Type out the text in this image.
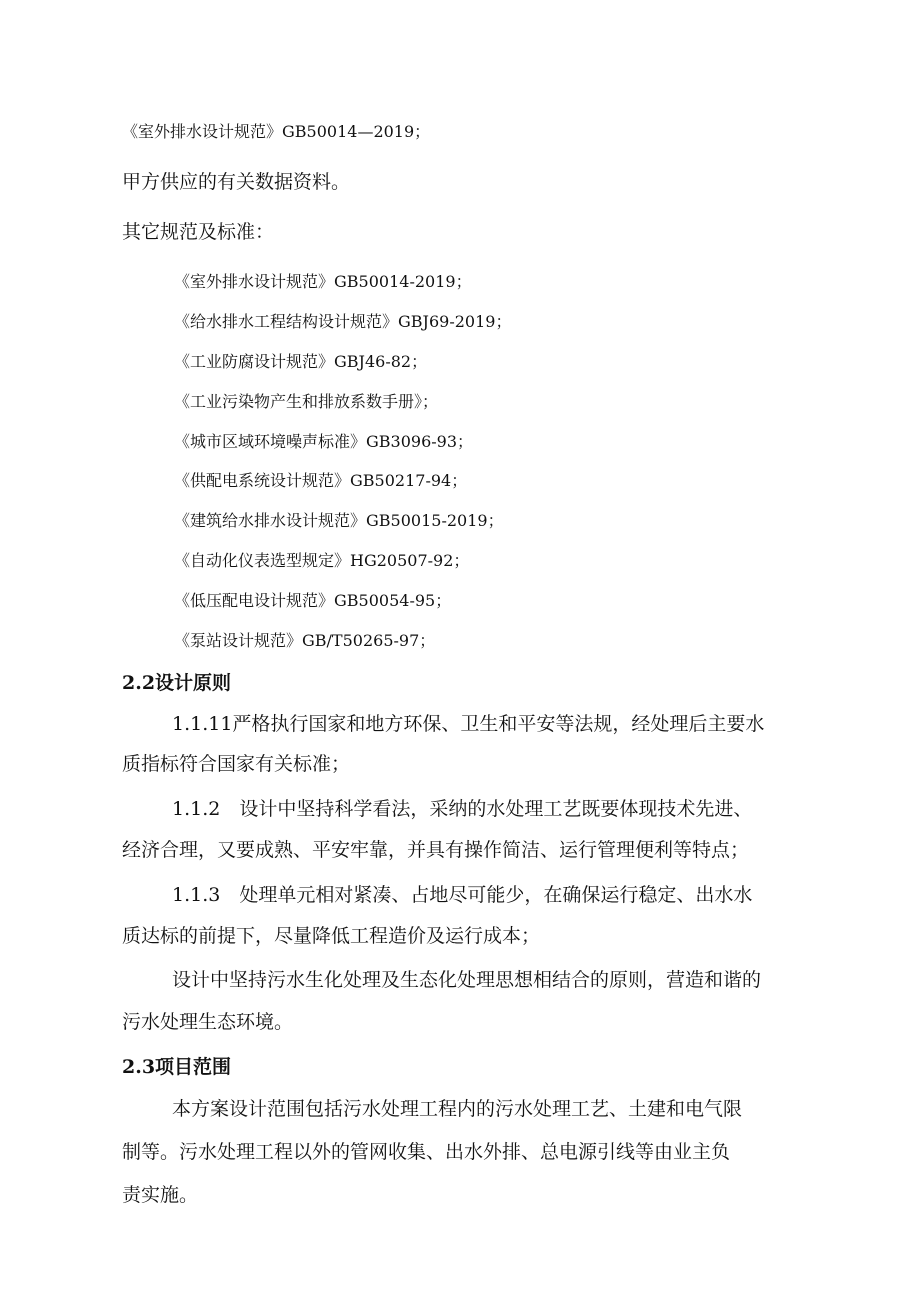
《室外排水设计规范》GB50014—2019；
甲方供应的有关数据资料。
其它规范及标准：
《室外排水设计规范》GB50014-2019；
《给水排水工程结构设计规范》GBJ69-2019；
《工业防腐设计规范》GBJ46-82；
《工业污染物产生和排放系数手册》；
《城市区域环境噪声标准》GB3096-93；
《供配电系统设计规范》GB50217-94；
《建筑给水排水设计规范》GB50015-2019；
《自动化仪表选型规定》HG20507-92；
《低压配电设计规范》GB50054-95；
《泵站设计规范》GB/T50265-97；
2.2设计原则
1.1.11严格执行国家和地方环保、卫生和平安等法规，经处理后主要水
质指标符合国家有关标准；
1.1.2　设计中坚持科学看法，采纳的水处理工艺既要体现技术先进、
经济合理，又要成熟、平安牢靠，并具有操作简洁、运行管理便利等特点；
1.1.3　处理单元相对紧凑、占地尽可能少，在确保运行稳定、出水水
质达标的前提下，尽量降低工程造价及运行成本；
设计中坚持污水生化处理及生态化处理思想相结合的原则，营造和谐的
污水处理生态环境。
2.3项目范围
本方案设计范围包括污水处理工程内的污水处理工艺、土建和电气限
制等。污水处理工程以外的管网收集、出水外排、总电源引线等由业主负
责实施。
